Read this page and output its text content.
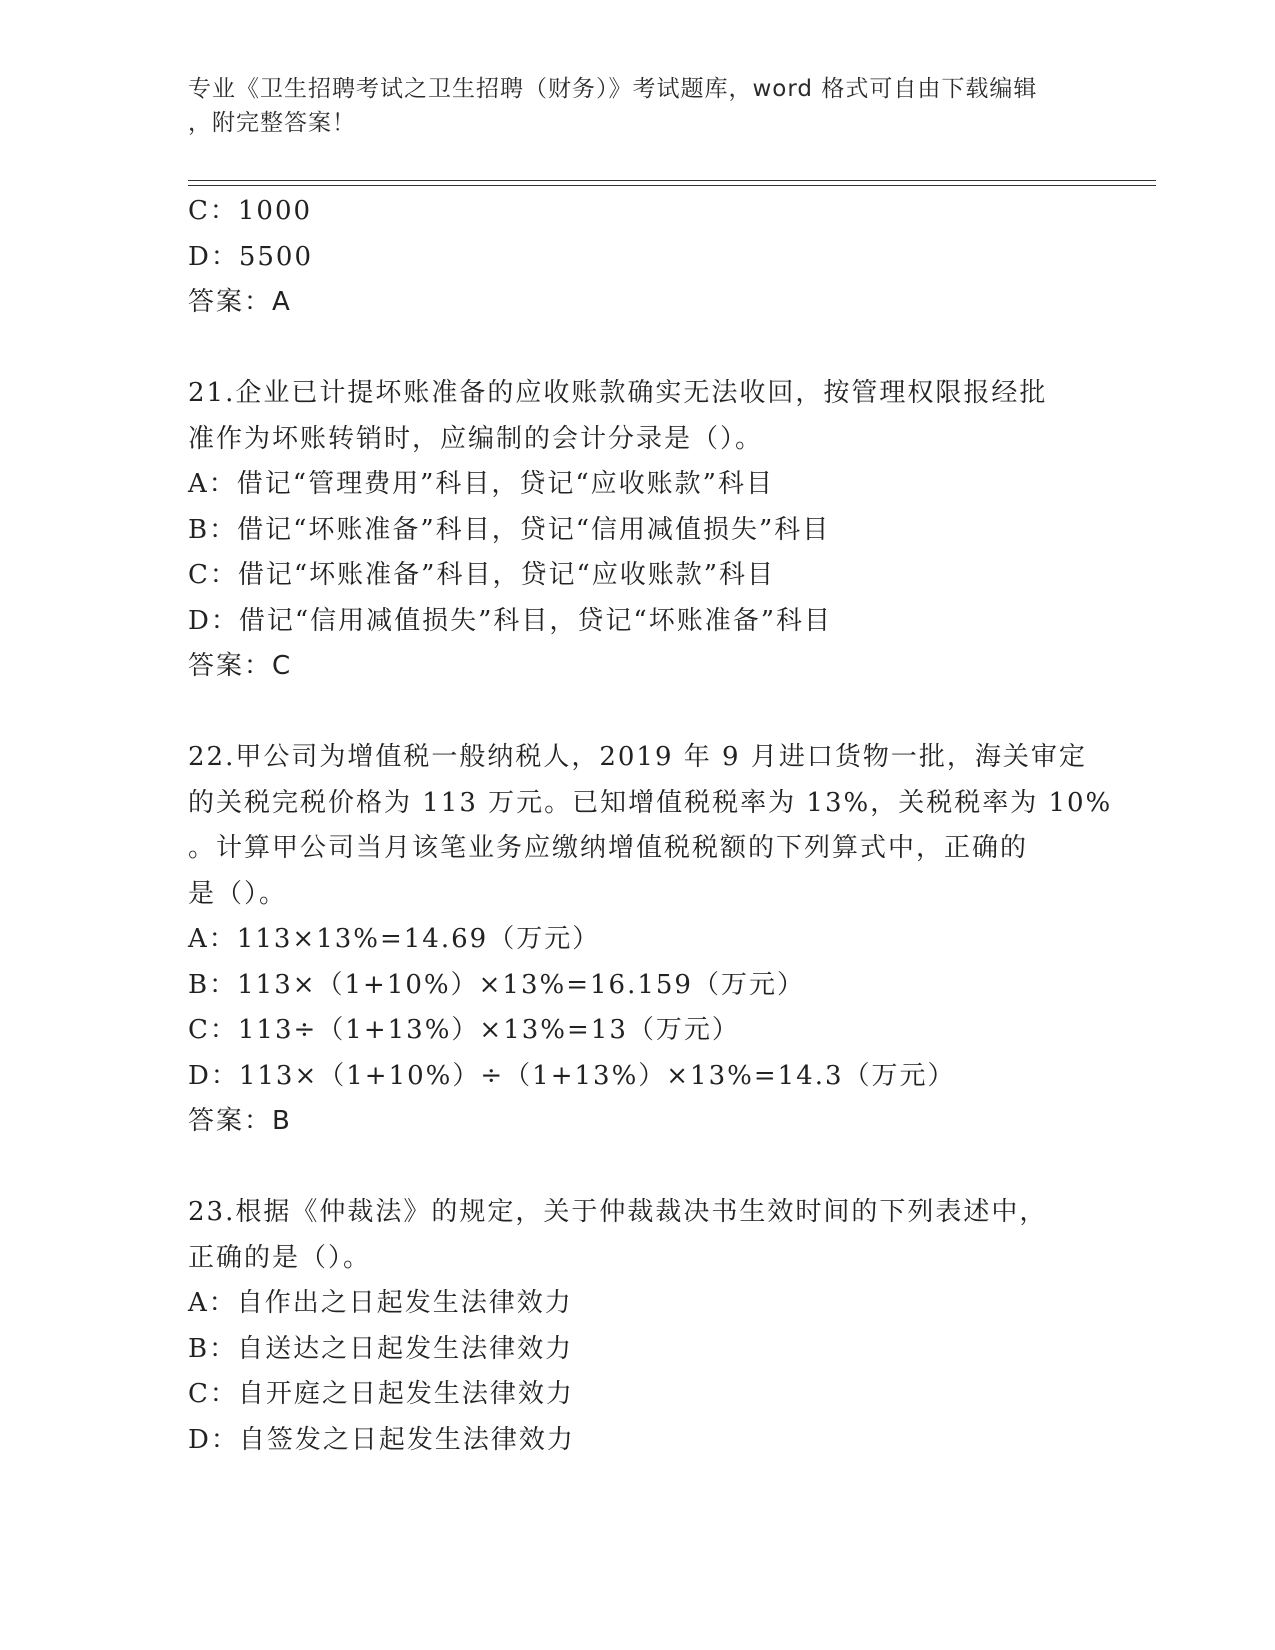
专业《卫生招聘考试之卫生招聘（财务）》考试题库，word 格式可自由下载编辑
，附完整答案！
C：1000
D：5500
答案：A
21.企业已计提坏账准备的应收账款确实无法收回，按管理权限报经批
准作为坏账转销时，应编制的会计分录是（）。
A：借记“管理费用”科目，贷记“应收账款”科目
B：借记“坏账准备”科目，贷记“信用减值损失”科目
C：借记“坏账准备”科目，贷记“应收账款”科目
D：借记“信用减值损失”科目，贷记“坏账准备”科目
答案：C
22.甲公司为增值税一般纳税人，2019 年 9 月进口货物一批，海关审定
的关税完税价格为 113 万元。已知增值税税率为 13%，关税税率为 10%
。计算甲公司当月该笔业务应缴纳增值税税额的下列算式中，正确的
是（）。
A：113×13%=14.69（万元）
B：113×（1+10%）×13%=16.159（万元）
C：113÷（1+13%）×13%=13（万元）
D：113×（1+10%）÷（1+13%）×13%=14.3（万元）
答案：B
23.根据《仲裁法》的规定，关于仲裁裁决书生效时间的下列表述中，
正确的是（）。
A：自作出之日起发生法律效力
B：自送达之日起发生法律效力
C：自开庭之日起发生法律效力
D：自签发之日起发生法律效力
